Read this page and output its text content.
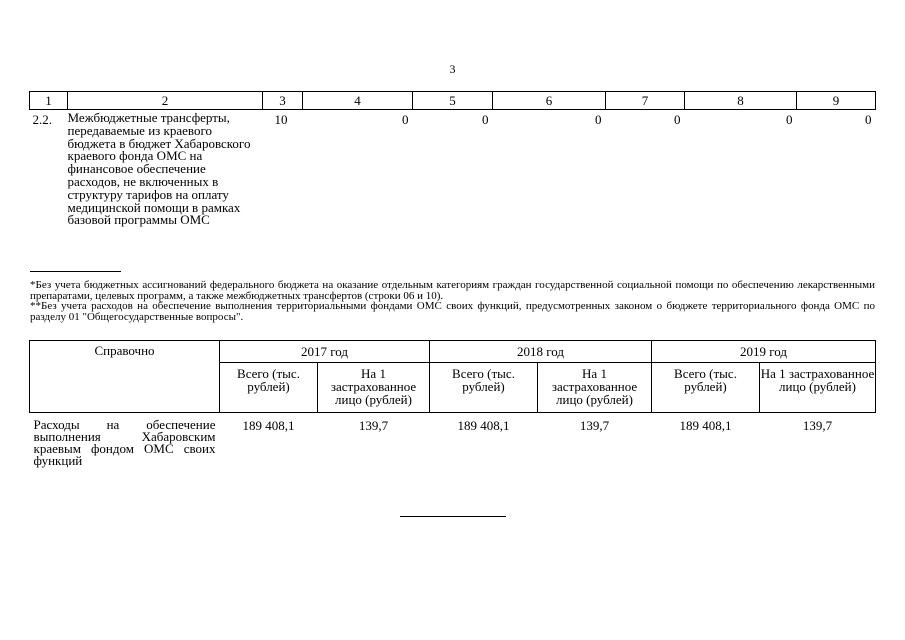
3
1	2	3	4	5	6	7	8	9
2.2.	Межбюджетные трансферты, передаваемые из краевого бюджета в бюджет Хабаровского краевого фонда ОМС на финансовое обеспечение расходов, не включенных в структуру тарифов на оплату медицинской помощи в рамках базовой программы ОМС	10	0	0	0	0	0	0

*Без учета бюджетных ассигнований федерального бюджета на оказание отдельным категориям граждан государственной социальной помощи по обеспечению лекарственными препаратами, целевых программ, а также межбюджетных трансфертов (строки 06 и 10).

**Без учета расходов на обеспечение выполнения территориальными фондами ОМС своих функций, предусмотренных законом о бюджете территориального фонда ОМС по разделу 01 "Общегосударственные вопросы".

Справочно	2017 год		2018 год		2019 год	
	Всего (тыс. рублей)	На 1 застрахованное лицо (рублей)	Всего (тыс. рублей)	На 1 застрахованное лицо (рублей)	Всего (тыс. рублей)	На 1 застрахованное лицо (рублей)
Расходы на обеспечение выполнения Хабаровским краевым фондом ОМС своих функций	189 408,1	139,7	189 408,1	139,7	189 408,1	139,7
